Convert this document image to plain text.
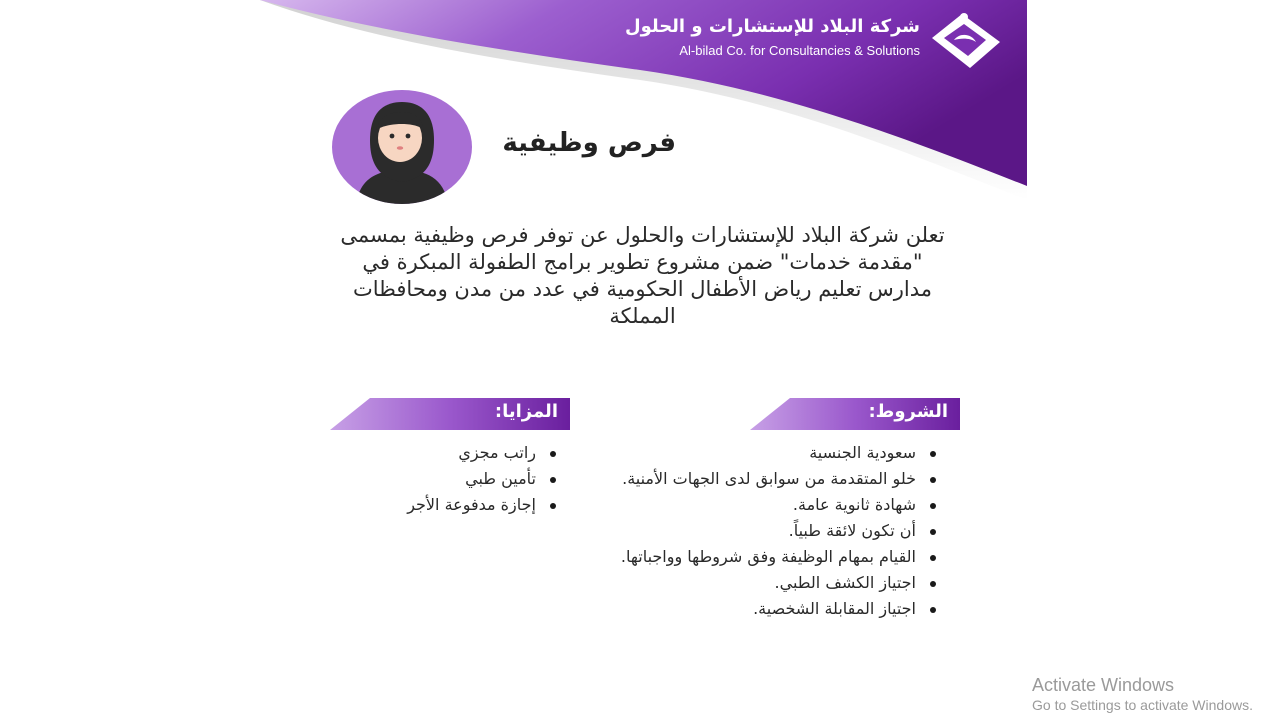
شركة البلاد للإستشارات و الحلول
Al-bilad Co. for Consultancies & Solutions
فرص وظيفية

تعلن شركة البلاد للإستشارات والحلول عن توفر فرص وظيفية بمسمى "مقدمة خدمات" ضمن مشروع تطوير برامج الطفولة المبكرة في مدارس تعليم رياض الأطفال الحكومية في عدد من مدن ومحافظات المملكة

الشروط:
المزايا:
سعودية الجنسية
خلو المتقدمة من سوابق لدى الجهات الأمنية.
شهادة ثانوية عامة.
أن تكون لائقة طبياً.
القيام بمهام الوظيفة وفق شروطها وواجباتها.
اجتياز الكشف الطبي.
اجتياز المقابلة الشخصية.
راتب مجزي
تأمين طبي
إجازة مدفوعة الأجر
Activate Windows
Go to Settings to activate Windows.
